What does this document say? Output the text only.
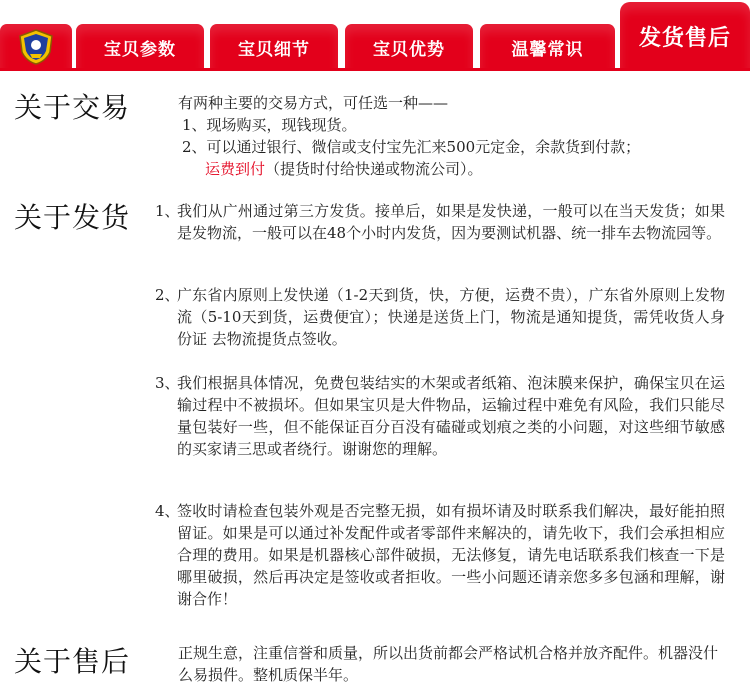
宝贝参数	宝贝细节	宝贝优势	温馨常识	发货售后
关于交易	有两种主要的交易方式，可任选一种——

1、现场购买，现钱现货。

2、可以通过银行、微信或支付宝先汇来500元定金，余款货到付款；

运费到付（提货时付给快递或物流公司）。

关于发货 1、
我们从广州通过第三方发货。接单后，如果是发快递，一般可以在当天发货；如果是发物流，一般可以在48个小时内发货，因为要测试机器、统一排车去物流园等。
2、
广东省内原则上发快递（1-2天到货，快，方便，运费不贵），广东省外原则上发物流（5-10天到货，运费便宜）；快递是送货上门，物流是通知提货，需凭收货人身份证 去物流提货点签收。
3、
我们根据具体情况，免费包装结实的木架或者纸箱、泡沫膜来保护，确保宝贝在运输过程中不被损坏。但如果宝贝是大件物品，运输过程中难免有风险，我们只能尽量包装好一些，但不能保证百分百没有磕碰或划痕之类的小问题，对这些细节敏感的买家请三思或者绕行。谢谢您的理解。
4、
签收时请检查包装外观是否完整无损，如有损坏请及时联系我们解决，最好能拍照留证。如果是可以通过补发配件或者零部件来解决的，请先收下，我们会承担相应合理的费用。如果是机器核心部件破损，无法修复，请先电话联系我们核查一下是哪里破损，然后再决定是签收或者拒收。一些小问题还请亲您多多包涵和理解，谢谢合作！
关于售后	正规生意，注重信誉和质量，所以出货前都会严格试机合格并放齐配件。机器没什么易损件。整机质保半年。
